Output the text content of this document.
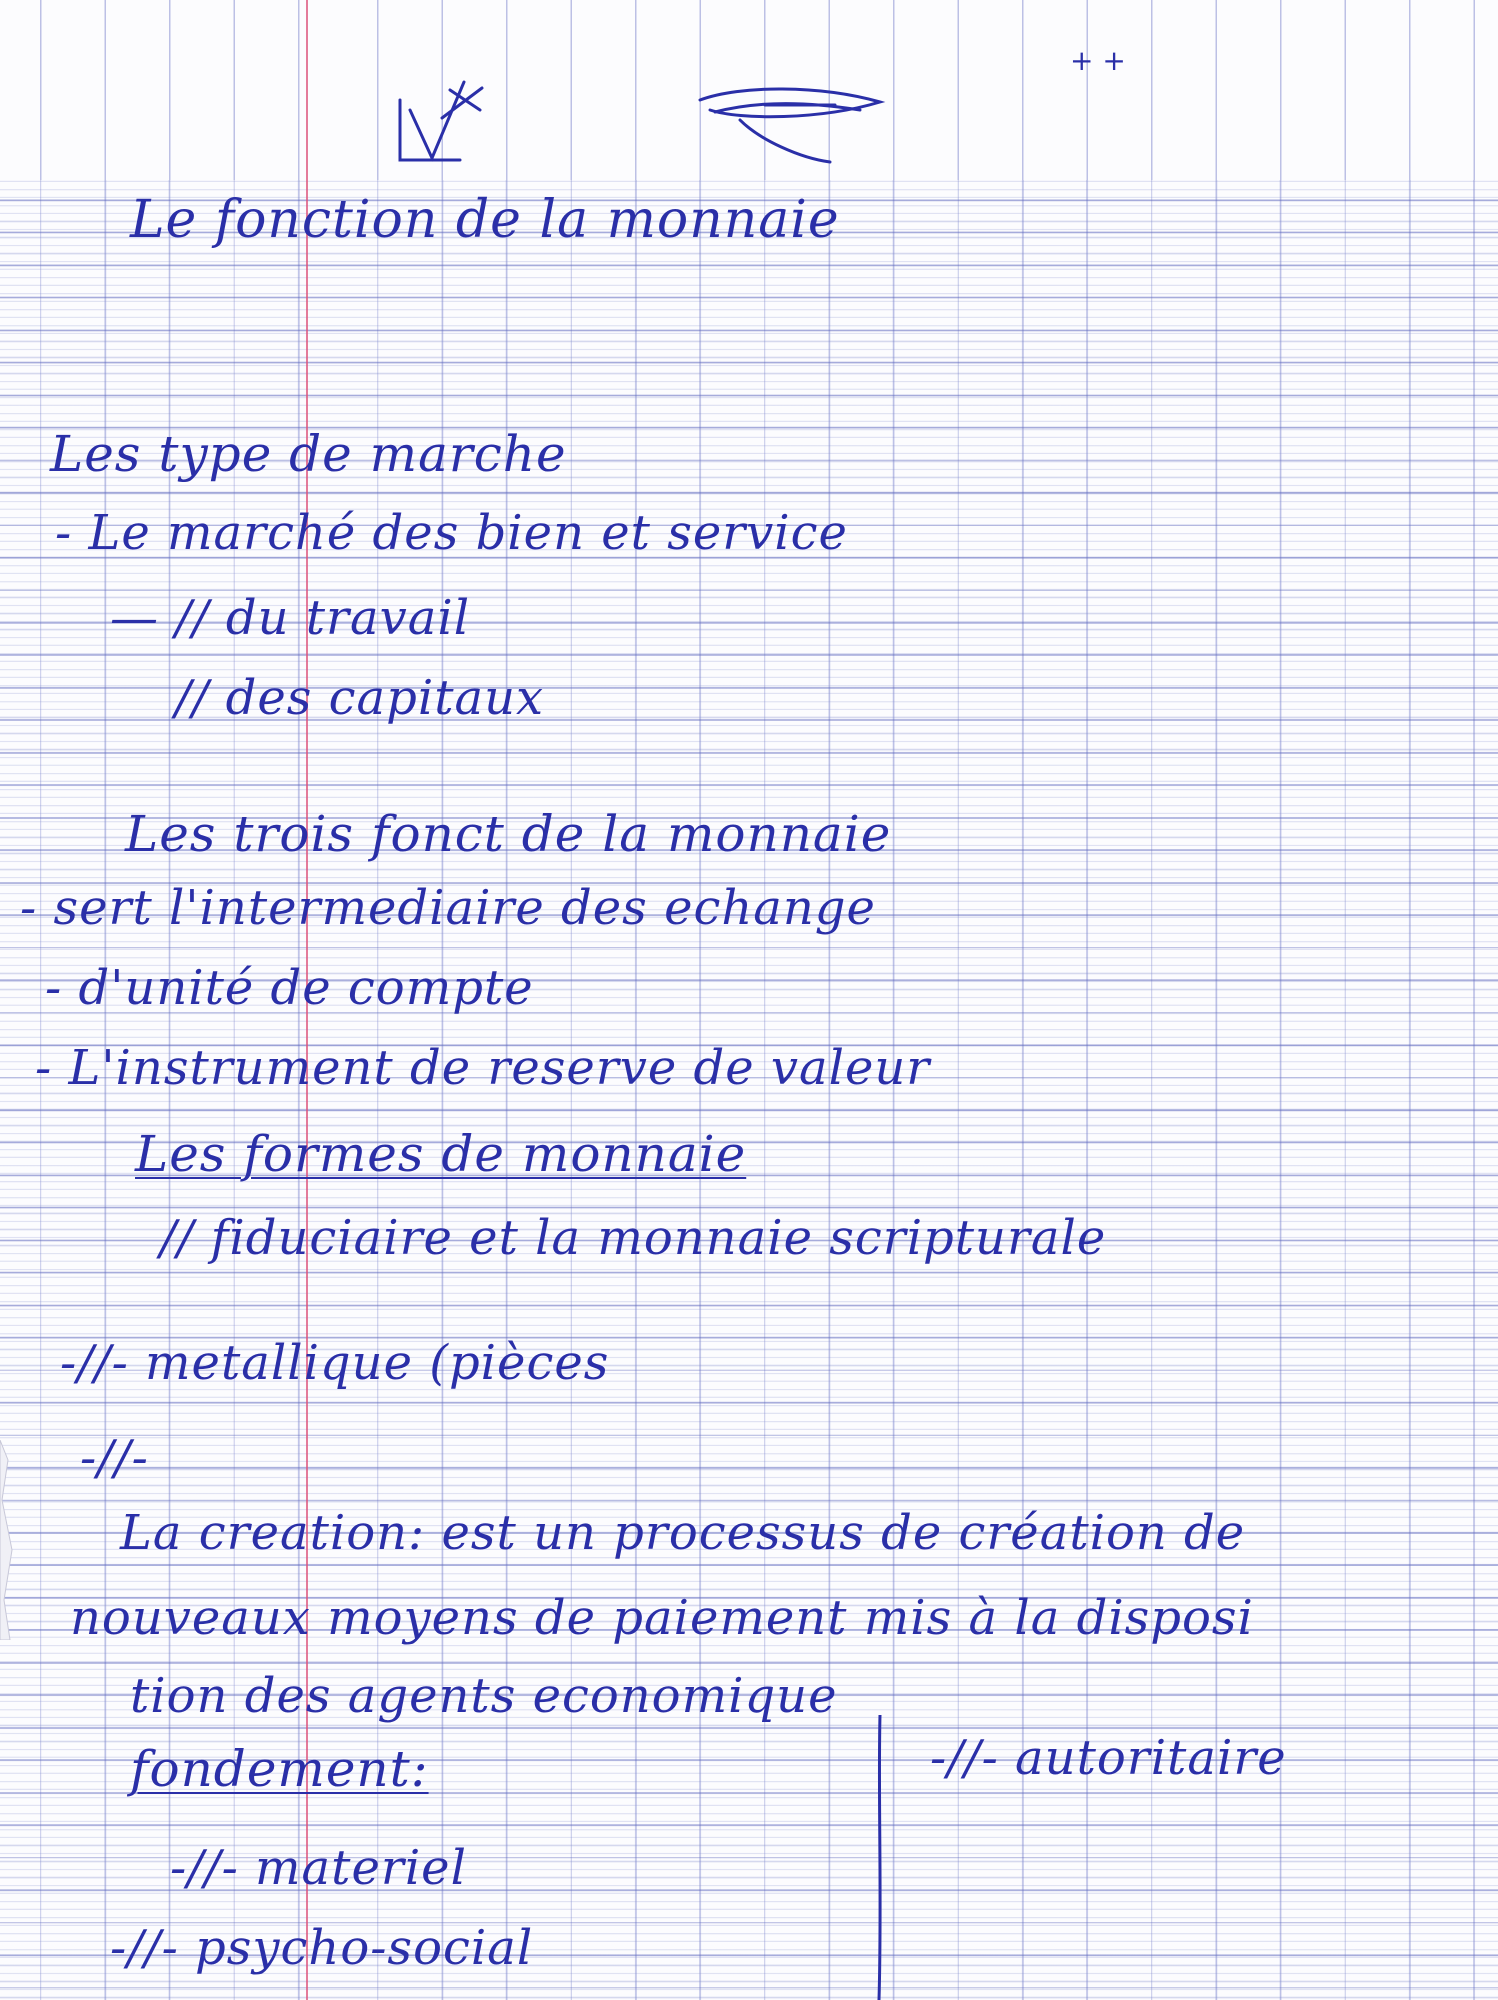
+ +
Le fonction de la monnaie
Les type de marche
- Le marché des bien et service
— // du travail
// des capitaux
Les trois fonct de la monnaie
- sert l'intermediaire des echange
- d'unité de compte
- L'instrument de reserve de valeur
Les formes de monnaie
// fiduciaire et la monnaie scripturale
-//- metallique (pièces
-//-
La creation: est un processus de création de
nouveaux moyens de paiement mis à la disposi
tion des agents economique
fondement:	-//- autoritaire
-//- materiel
-//- psycho-social
